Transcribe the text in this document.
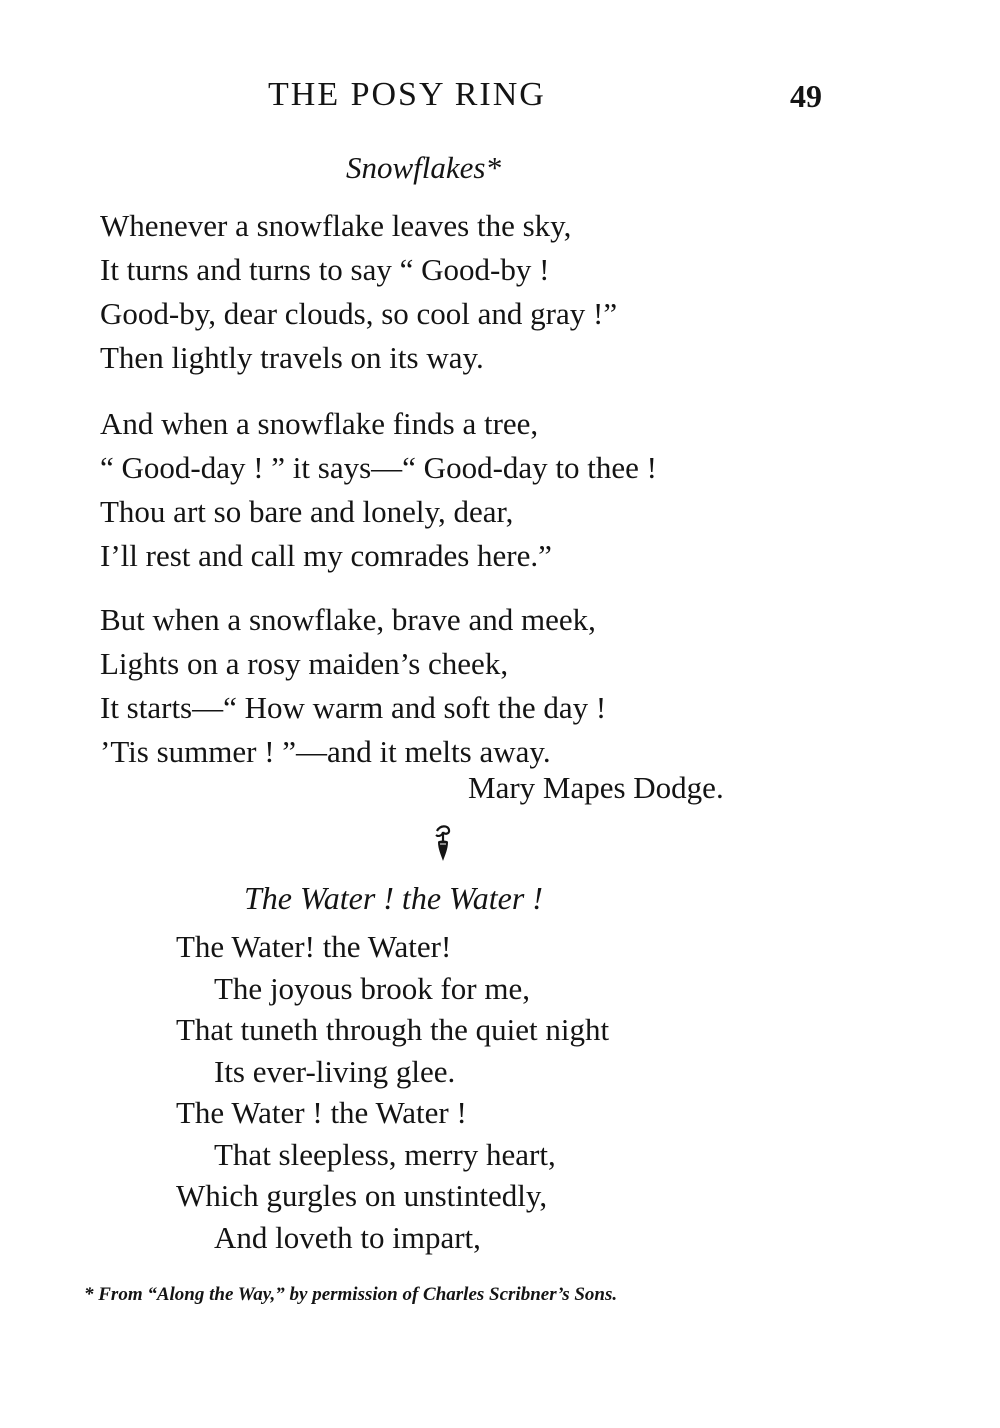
THE POSY RING	49
Snowflakes*
Whenever a snowflake leaves the sky,
It turns and turns to say “ Good-by !
Good-by, dear clouds, so cool and gray !”
Then lightly travels on its way.
And when a snowflake finds a tree,
“ Good-day ! ” it says—“ Good-day to thee !
Thou art so bare and lonely, dear,
I’ll rest and call my comrades here.”
But when a snowflake, brave and meek,
Lights on a rosy maiden’s cheek,
It starts—“ How warm and soft the day !
’Tis summer ! ”—and it melts away.
Mary Mapes Dodge.
The Water ! the Water !
The Water! the Water!
The joyous brook for me,
That tuneth through the quiet night
Its ever-living glee.
The Water ! the Water !
That sleepless, merry heart,
Which gurgles on unstintedly,
And loveth to impart,
* From “Along the Way,” by permission of Charles Scribner’s Sons.
